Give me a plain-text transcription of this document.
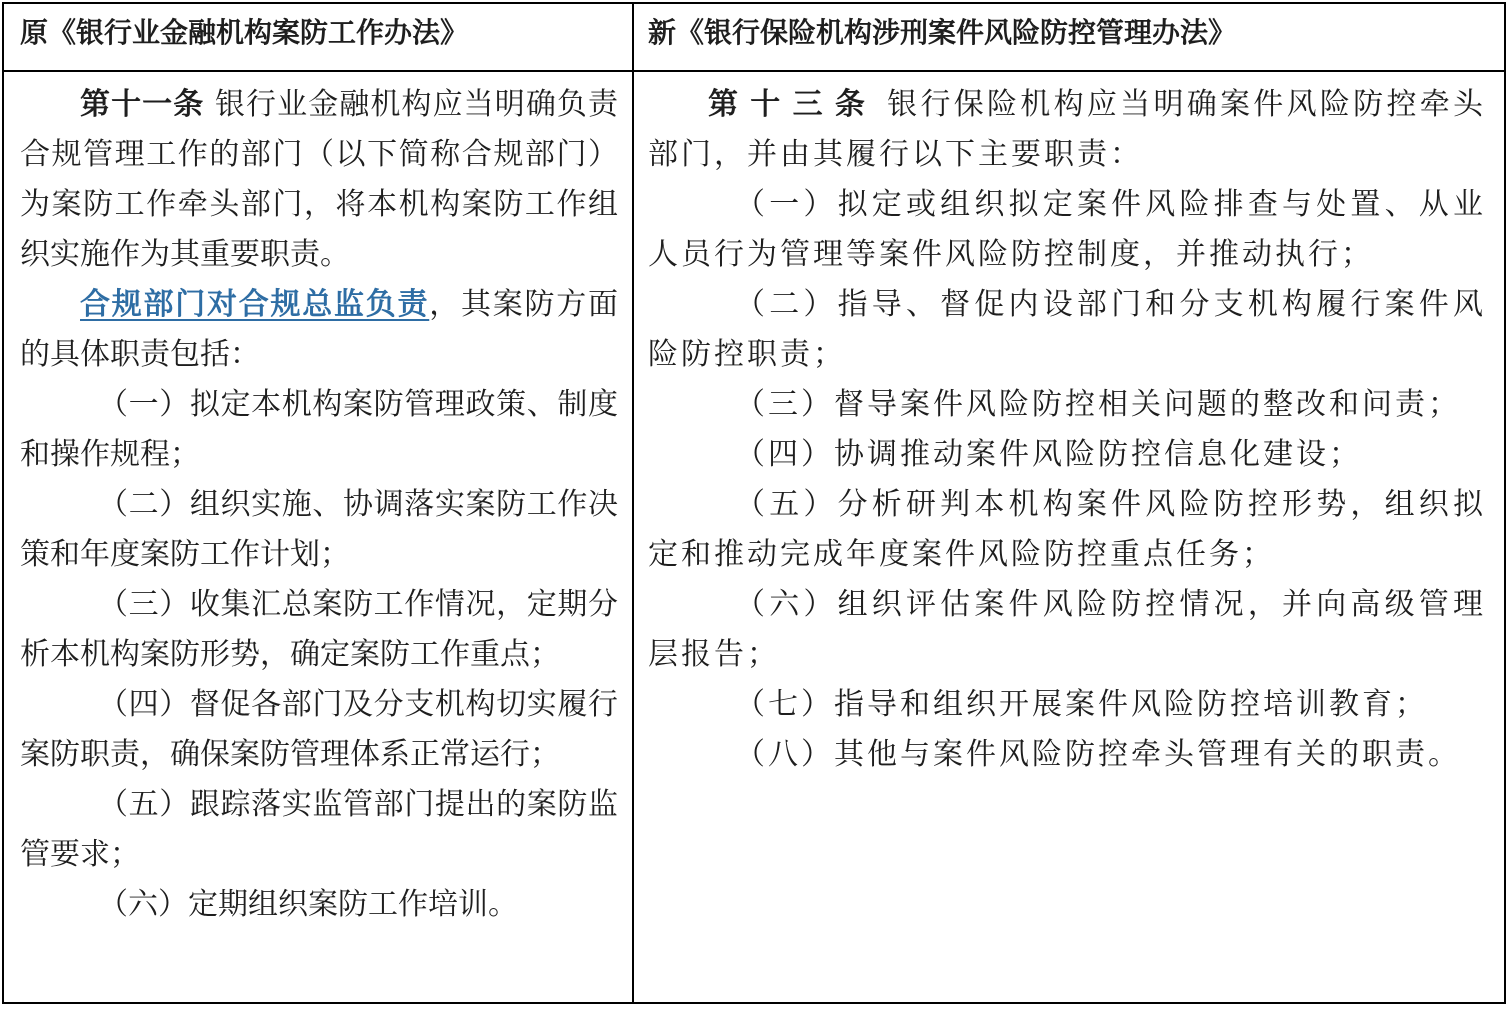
原《银行业金融机构案防工作办法》	新《银行保险机构涉刑案件风险防控管理办法》

第十一条 银行业金融机构应当明确负责合规管理工作的部门（以下简称合规部门）为案防工作牵头部门，将本机构案防工作组织实施作为其重要职责。

合规部门对合规总监负责，其案防方面的具体职责包括：

（一）拟定本机构案防管理政策、制度和操作规程；

（二）组织实施、协调落实案防工作决策和年度案防工作计划；

（三）收集汇总案防工作情况，定期分析本机构案防形势，确定案防工作重点；

（四）督促各部门及分支机构切实履行案防职责，确保案防管理体系正常运行；

（五）跟踪落实监管部门提出的案防监管要求；

（六）定期组织案防工作培训。

第十三条 银行保险机构应当明确案件风险防控牵头部门，并由其履行以下主要职责：

（一）拟定或组织拟定案件风险排查与处置、从业人员行为管理等案件风险防控制度，并推动执行；

（二）指导、督促内设部门和分支机构履行案件风险防控职责；

（三）督导案件风险防控相关问题的整改和问责；

（四）协调推动案件风险防控信息化建设；

（五）分析研判本机构案件风险防控形势，组织拟定和推动完成年度案件风险防控重点任务；

（六）组织评估案件风险防控情况，并向高级管理层报告；

（七）指导和组织开展案件风险防控培训教育；

（八）其他与案件风险防控牵头管理有关的职责。
